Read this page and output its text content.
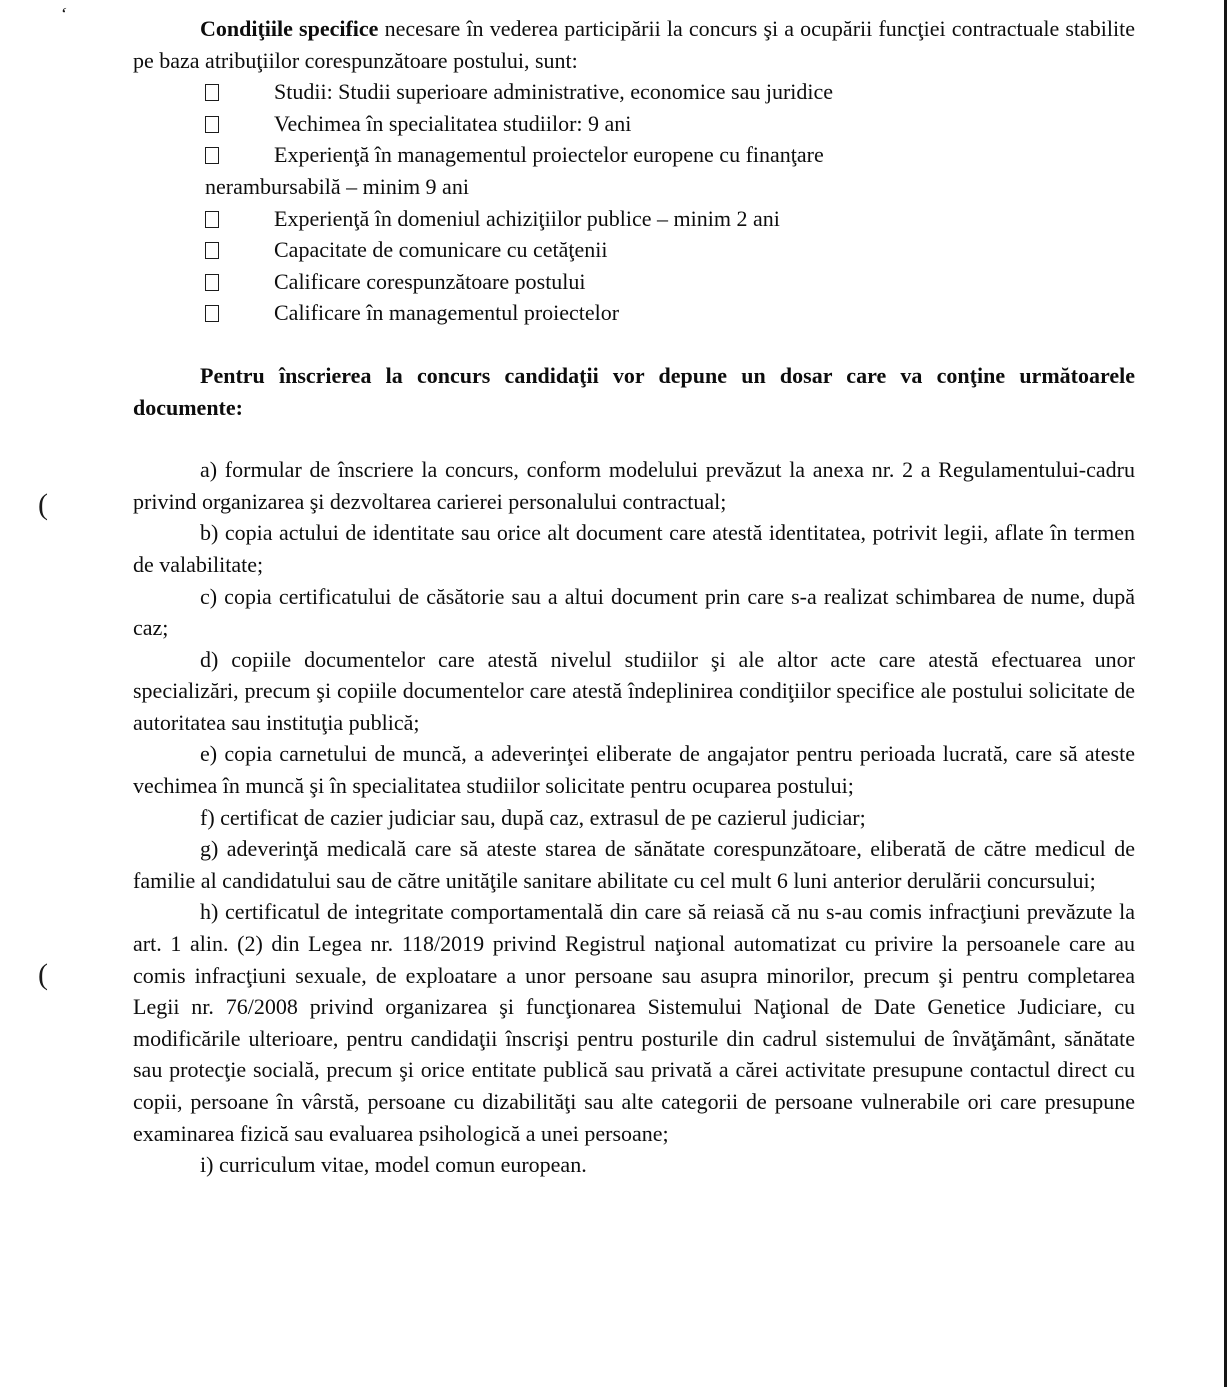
Condiţiile specifice necesare în vederea participării la concurs şi a ocupării funcţiei contractuale stabilite pe baza atribuţiilor corespunzătoare postului, sunt:

Studii: Studii superioare administrative, economice sau juridice
Vechimea în specialitatea studiilor: 9 ani
Experienţă în managementul proiectelor europene cu finanţare
nerambursabilă – minim 9 ani
Experienţă în domeniul achiziţiilor publice – minim 2 ani
Capacitate de comunicare cu cetăţenii
Calificare corespunzătoare postului
Calificare în managementul proiectelor

Pentru înscrierea la concurs candidaţii vor depune un dosar care va conţine următoarele documente:

a) formular de înscriere la concurs, conform modelului prevăzut la anexa nr. 2 a Regulamentului-cadru privind organizarea şi dezvoltarea carierei personalului contractual;

b) copia actului de identitate sau orice alt document care atestă identitatea, potrivit legii, aflate în termen de valabilitate;

c) copia certificatului de căsătorie sau a altui document prin care s-a realizat schimbarea de nume, după caz;

d) copiile documentelor care atestă nivelul studiilor şi ale altor acte care atestă efectuarea unor specializări, precum şi copiile documentelor care atestă îndeplinirea condiţiilor specifice ale postului solicitate de autoritatea sau instituţia publică;

e) copia carnetului de muncă, a adeverinţei eliberate de angajator pentru perioada lucrată, care să ateste vechimea în muncă şi în specialitatea studiilor solicitate pentru ocuparea postului;

f) certificat de cazier judiciar sau, după caz, extrasul de pe cazierul judiciar;

g) adeverinţă medicală care să ateste starea de sănătate corespunzătoare, eliberată de către medicul de familie al candidatului sau de către unităţile sanitare abilitate cu cel mult 6 luni anterior derulării concursului;

h) certificatul de integritate comportamentală din care să reiasă că nu s-au comis infracţiuni prevăzute la art. 1 alin. (2) din Legea nr. 118/2019 privind Registrul naţional automatizat cu privire la persoanele care au comis infracţiuni sexuale, de exploatare a unor persoane sau asupra minorilor, precum şi pentru completarea Legii nr. 76/2008 privind organizarea şi funcţionarea Sistemului Naţional de Date Genetice Judiciare, cu modificările ulterioare, pentru candidaţii înscrişi pentru posturile din cadrul sistemului de învăţământ, sănătate sau protecţie socială, precum şi orice entitate publică sau privată a cărei activitate presupune contactul direct cu copii, persoane în vârstă, persoane cu dizabilităţi sau alte categorii de persoane vulnerabile ori care presupune examinarea fizică sau evaluarea psihologică a unei persoane;

i) curriculum vitae, model comun european.

ʻ
(
(
